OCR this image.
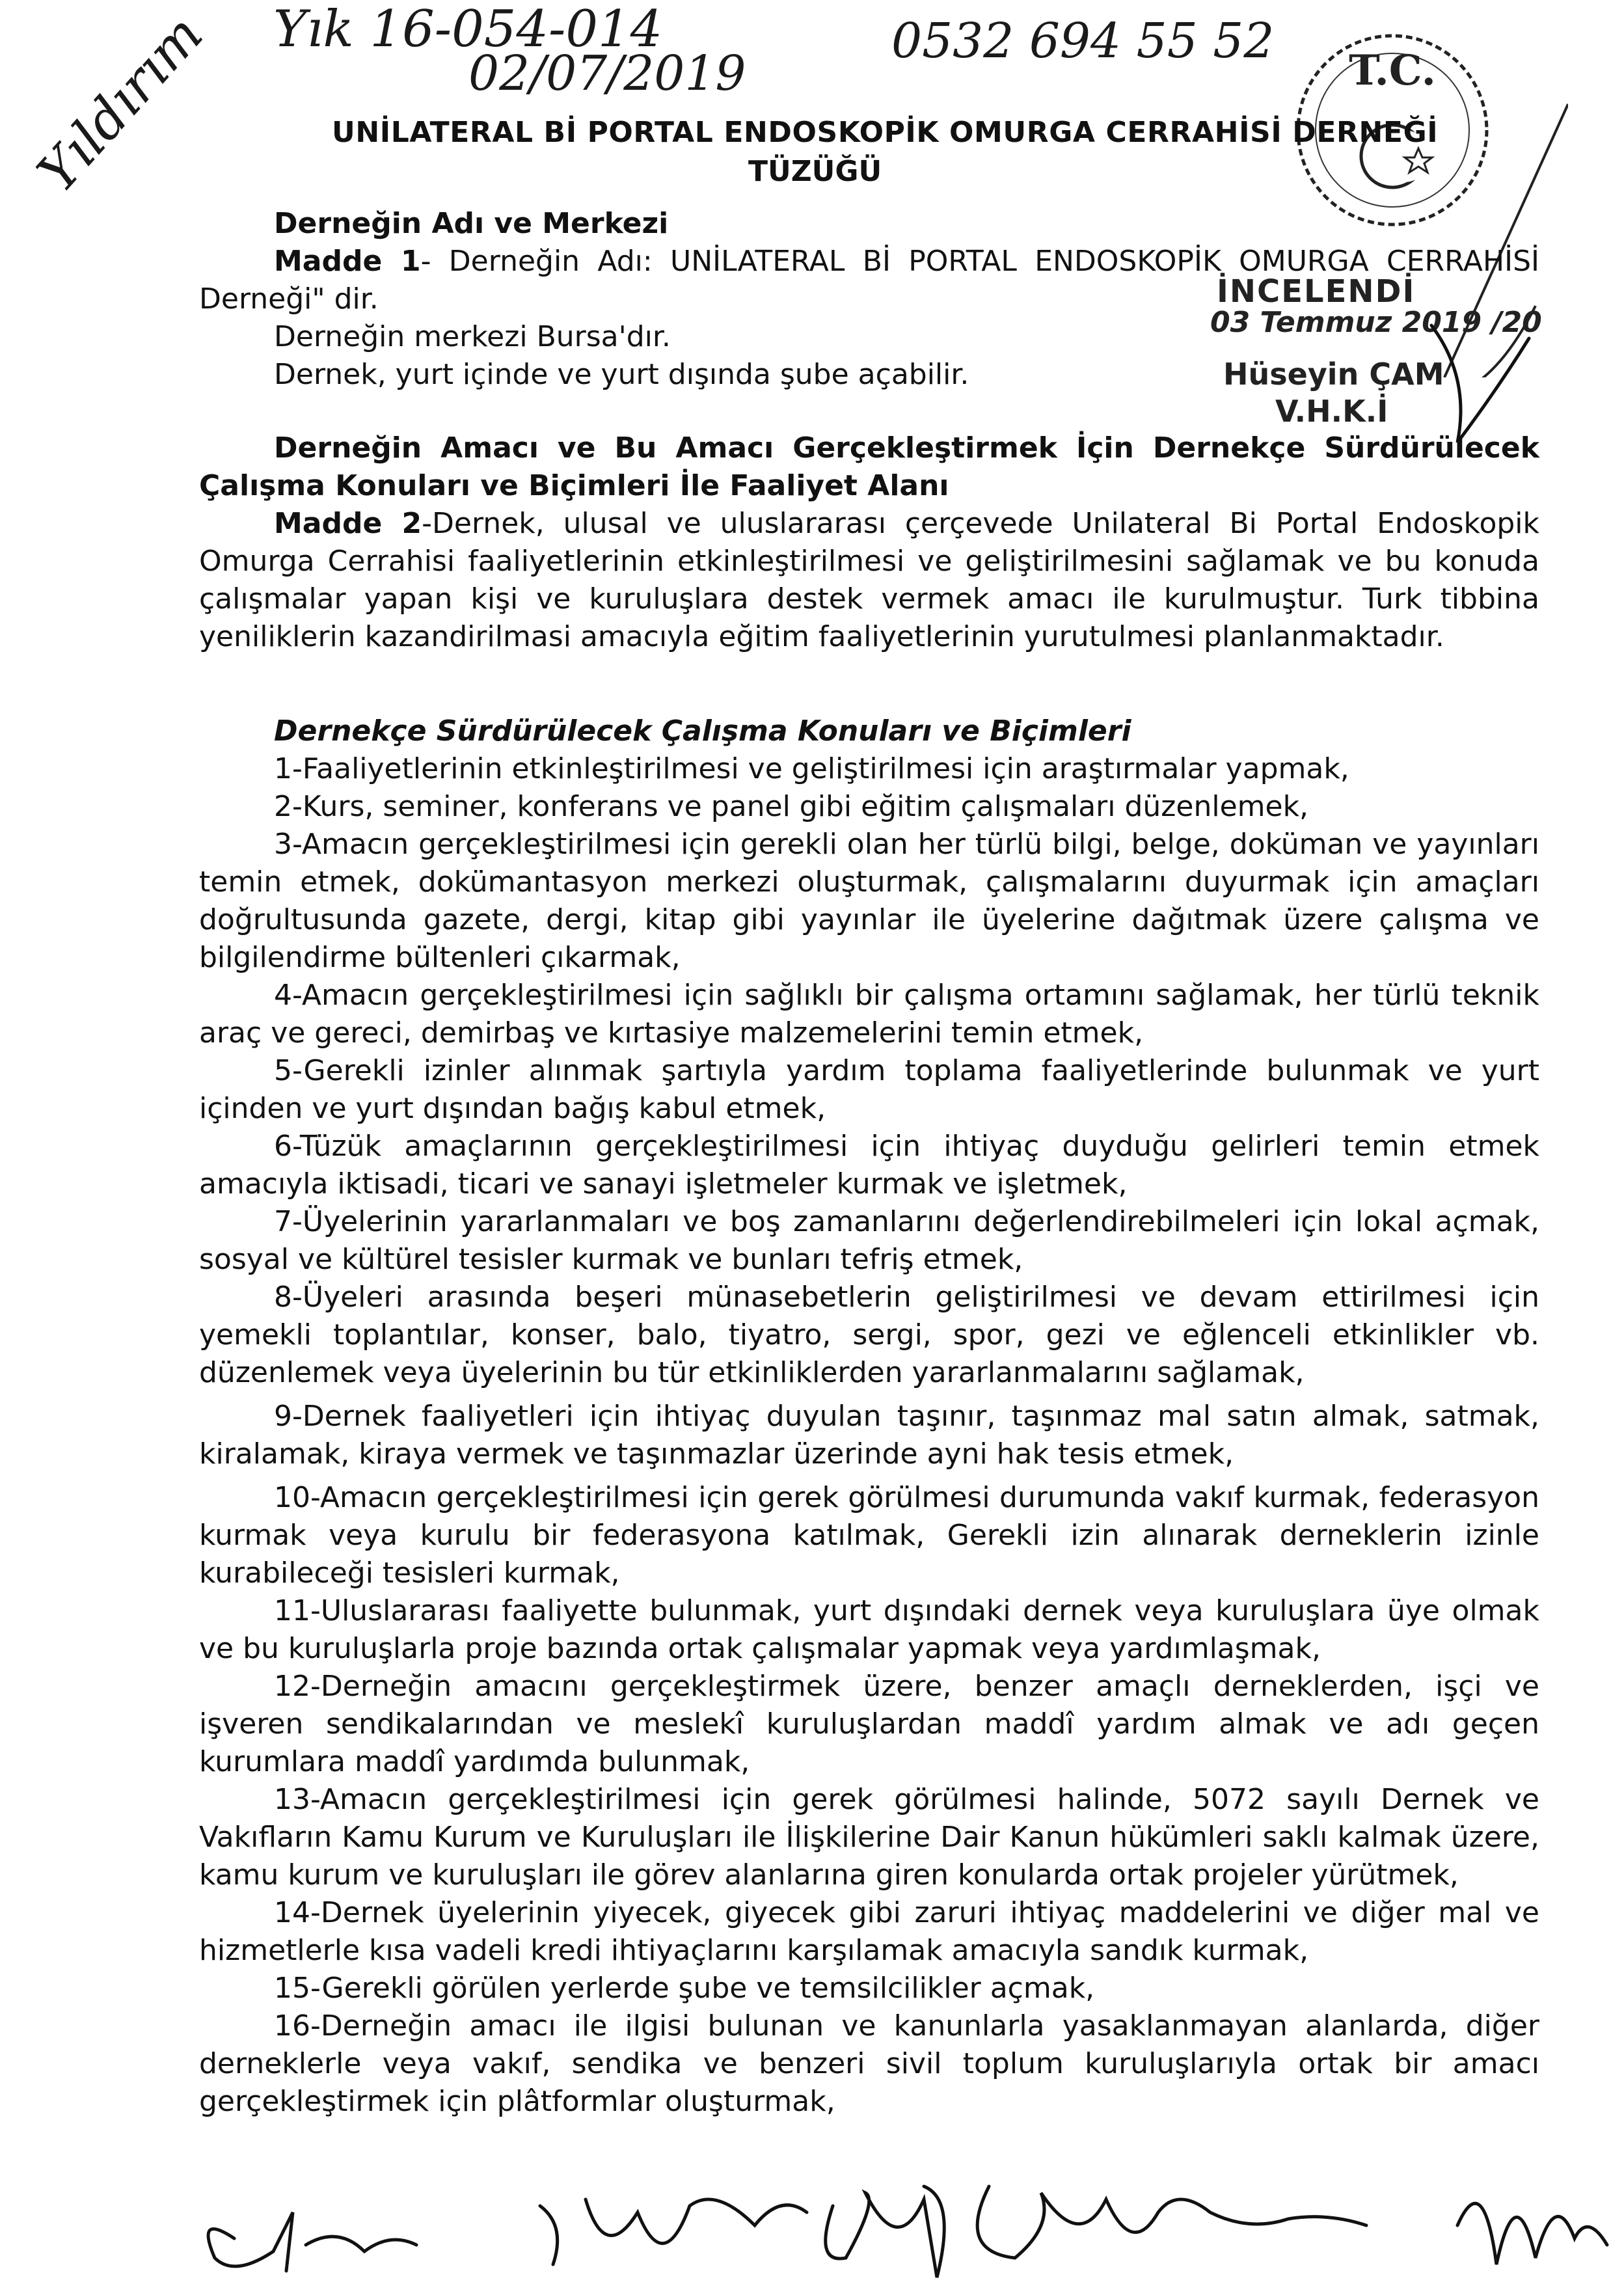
Yık 16-054-014
02/07/2019
0532 694 55 52
Yıldırım	T.C.
İNCELENDİ
03 Temmuz 2019 /20
Hüseyin ÇAM
V.H.K.İ
UNİLATERAL Bİ PORTAL ENDOSKOPİK OMURGA CERRAHİSİ DERNEĞİ
TÜZÜĞÜ

Derneğin Adı ve Merkezi

Madde 1- Derneğin Adı: UNİLATERAL Bİ PORTAL ENDOSKOPİK OMURGA CERRAHİSİ Derneği" dir.

Derneğin merkezi Bursa'dır.

Dernek, yurt içinde ve yurt dışında şube açabilir.

Derneğin Amacı ve Bu Amacı Gerçekleştirmek İçin Dernekçe Sürdürülecek Çalışma Konuları ve Biçimleri İle Faaliyet Alanı

Madde 2-Dernek, ulusal ve uluslararası çerçevede Unilateral Bi Portal Endoskopik Omurga Cerrahisi faaliyetlerinin etkinleştirilmesi ve geliştirilmesini sağlamak ve bu konuda çalışmalar yapan kişi ve kuruluşlara destek vermek amacı ile kurulmuştur. Turk tibbina yeniliklerin kazandirilmasi amacıyla eğitim faaliyetlerinin yurutulmesi planlanmaktadır.

Dernekçe Sürdürülecek Çalışma Konuları ve Biçimleri

1-Faaliyetlerinin etkinleştirilmesi ve geliştirilmesi için araştırmalar yapmak,

2-Kurs, seminer, konferans ve panel gibi eğitim çalışmaları düzenlemek,

3-Amacın gerçekleştirilmesi için gerekli olan her türlü bilgi, belge, doküman ve yayınları temin etmek, dokümantasyon merkezi oluşturmak, çalışmalarını duyurmak için amaçları doğrultusunda gazete, dergi, kitap gibi yayınlar ile üyelerine dağıtmak üzere çalışma ve bilgilendirme bültenleri çıkarmak,

4-Amacın gerçekleştirilmesi için sağlıklı bir çalışma ortamını sağlamak, her türlü teknik araç ve gereci, demirbaş ve kırtasiye malzemelerini temin etmek,

5-Gerekli izinler alınmak şartıyla yardım toplama faaliyetlerinde bulunmak ve yurt içinden ve yurt dışından bağış kabul etmek,

6-Tüzük amaçlarının gerçekleştirilmesi için ihtiyaç duyduğu gelirleri temin etmek amacıyla iktisadi, ticari ve sanayi işletmeler kurmak ve işletmek,

7-Üyelerinin yararlanmaları ve boş zamanlarını değerlendirebilmeleri için lokal açmak, sosyal ve kültürel tesisler kurmak ve bunları tefriş etmek,

8-Üyeleri arasında beşeri münasebetlerin geliştirilmesi ve devam ettirilmesi için yemekli toplantılar, konser, balo, tiyatro, sergi, spor, gezi ve eğlenceli etkinlikler vb. düzenlemek veya üyelerinin bu tür etkinliklerden yararlanmalarını sağlamak,

9-Dernek faaliyetleri için ihtiyaç duyulan taşınır, taşınmaz mal satın almak, satmak, kiralamak, kiraya vermek ve taşınmazlar üzerinde ayni hak tesis etmek,

10-Amacın gerçekleştirilmesi için gerek görülmesi durumunda vakıf kurmak, federasyon kurmak veya kurulu bir federasyona katılmak, Gerekli izin alınarak derneklerin izinle kurabileceği tesisleri kurmak,

11-Uluslararası faaliyette bulunmak, yurt dışındaki dernek veya kuruluşlara üye olmak ve bu kuruluşlarla proje bazında ortak çalışmalar yapmak veya yardımlaşmak,

12-Derneğin amacını gerçekleştirmek üzere, benzer amaçlı derneklerden, işçi ve işveren sendikalarından ve meslekî kuruluşlardan maddî yardım almak ve adı geçen kurumlara maddî yardımda bulunmak,

13-Amacın gerçekleştirilmesi için gerek görülmesi halinde, 5072 sayılı Dernek ve Vakıfların Kamu Kurum ve Kuruluşları ile İlişkilerine Dair Kanun hükümleri saklı kalmak üzere, kamu kurum ve kuruluşları ile görev alanlarına giren konularda ortak projeler yürütmek,

14-Dernek üyelerinin yiyecek, giyecek gibi zaruri ihtiyaç maddelerini ve diğer mal ve hizmetlerle kısa vadeli kredi ihtiyaçlarını karşılamak amacıyla sandık kurmak,

15-Gerekli görülen yerlerde şube ve temsilcilikler açmak,

16-Derneğin amacı ile ilgisi bulunan ve kanunlarla yasaklanmayan alanlarda, diğer derneklerle veya vakıf, sendika ve benzeri sivil toplum kuruluşlarıyla ortak bir amacı gerçekleştirmek için plâtformlar oluşturmak,
